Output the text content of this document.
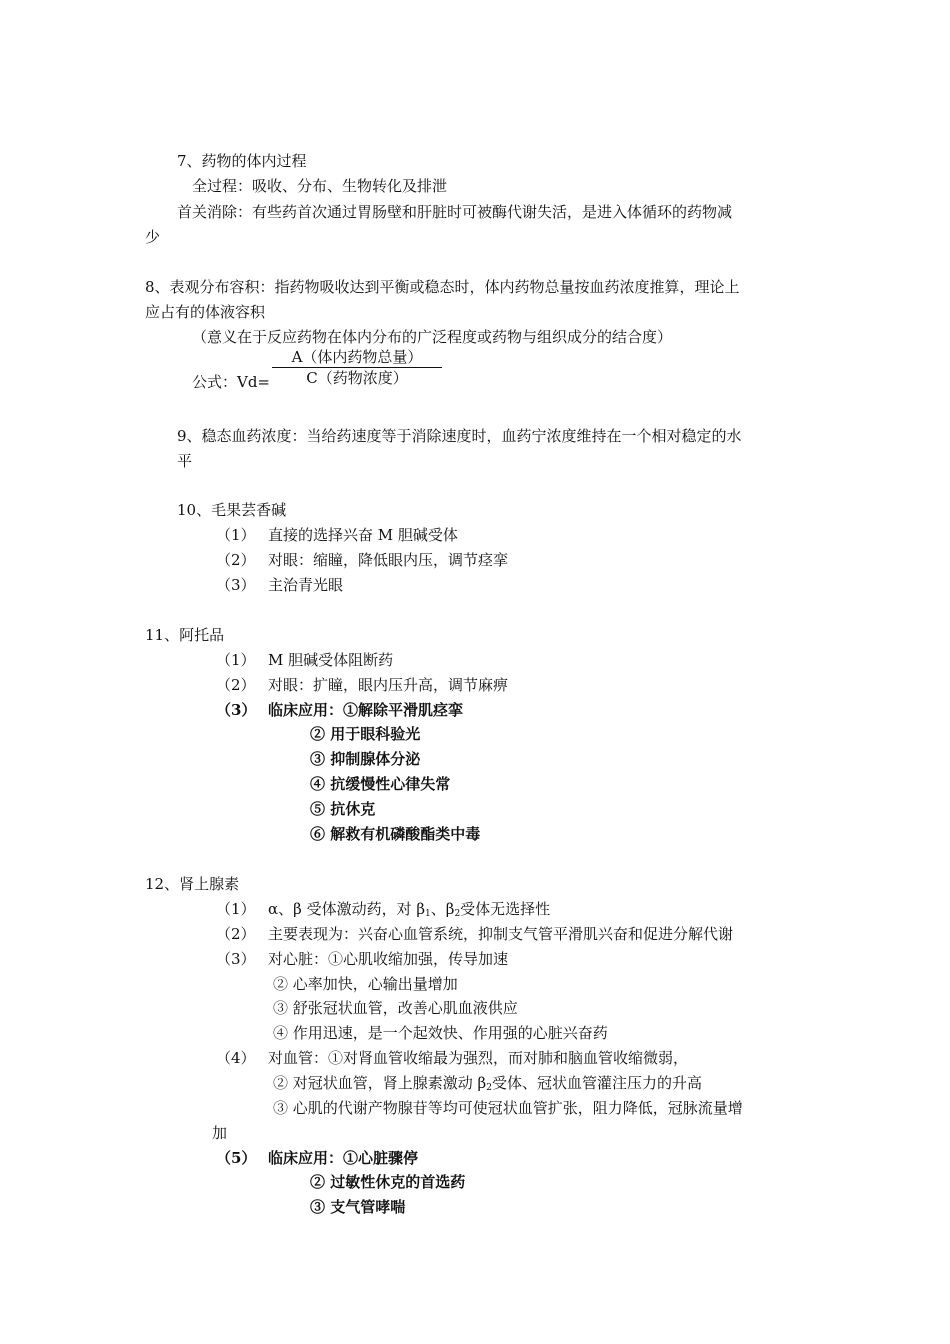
7、药物的体内过程
全过程：吸收、分布、生物转化及排泄
首关消除：有些药首次通过胃肠壁和肝脏时可被酶代谢失活，是进入体循环的药物减
少
8、表观分布容积：指药物吸收达到平衡或稳态时，体内药物总量按血药浓度推算，理论上
应占有的体液容积
（意义在于反应药物在体内分布的广泛程度或药物与组织成分的结合度）
公式：Vd=
A（体内药物总量）
C（药物浓度）
9、稳态血药浓度：当给药速度等于消除速度时，血药宁浓度维持在一个相对稳定的水
平
10、毛果芸香碱
（1） 直接的选择兴奋 M 胆碱受体
（2） 对眼：缩瞳，降低眼内压，调节痉挛
（3） 主治青光眼
11、阿托品
（1） M 胆碱受体阻断药
（2） 对眼：扩瞳，眼内压升高，调节麻痹
（3） 临床应用：①解除平滑肌痉挛
② 用于眼科验光
③ 抑制腺体分泌
④ 抗缓慢性心律失常
⑤ 抗休克
⑥ 解救有机磷酸酯类中毒
12、肾上腺素
（1） α、β 受体激动药，对 $\beta_1$、$\beta_2$受体无选择性
（2） 主要表现为：兴奋心血管系统，抑制支气管平滑肌兴奋和促进分解代谢
（3） 对心脏：①心肌收缩加强，传导加速
② 心率加快，心输出量增加
③ 舒张冠状血管，改善心肌血液供应
④ 作用迅速，是一个起效快、作用强的心脏兴奋药
（4） 对血管：①对肾血管收缩最为强烈，而对肺和脑血管收缩微弱，
② 对冠状血管，肾上腺素激动 $\beta_2$受体、冠状血管灌注压力的升高
③ 心肌的代谢产物腺苷等均可使冠状血管扩张，阻力降低，冠脉流量增
加
（5） 临床应用：①心脏骤停
② 过敏性休克的首选药
③ 支气管哮喘
